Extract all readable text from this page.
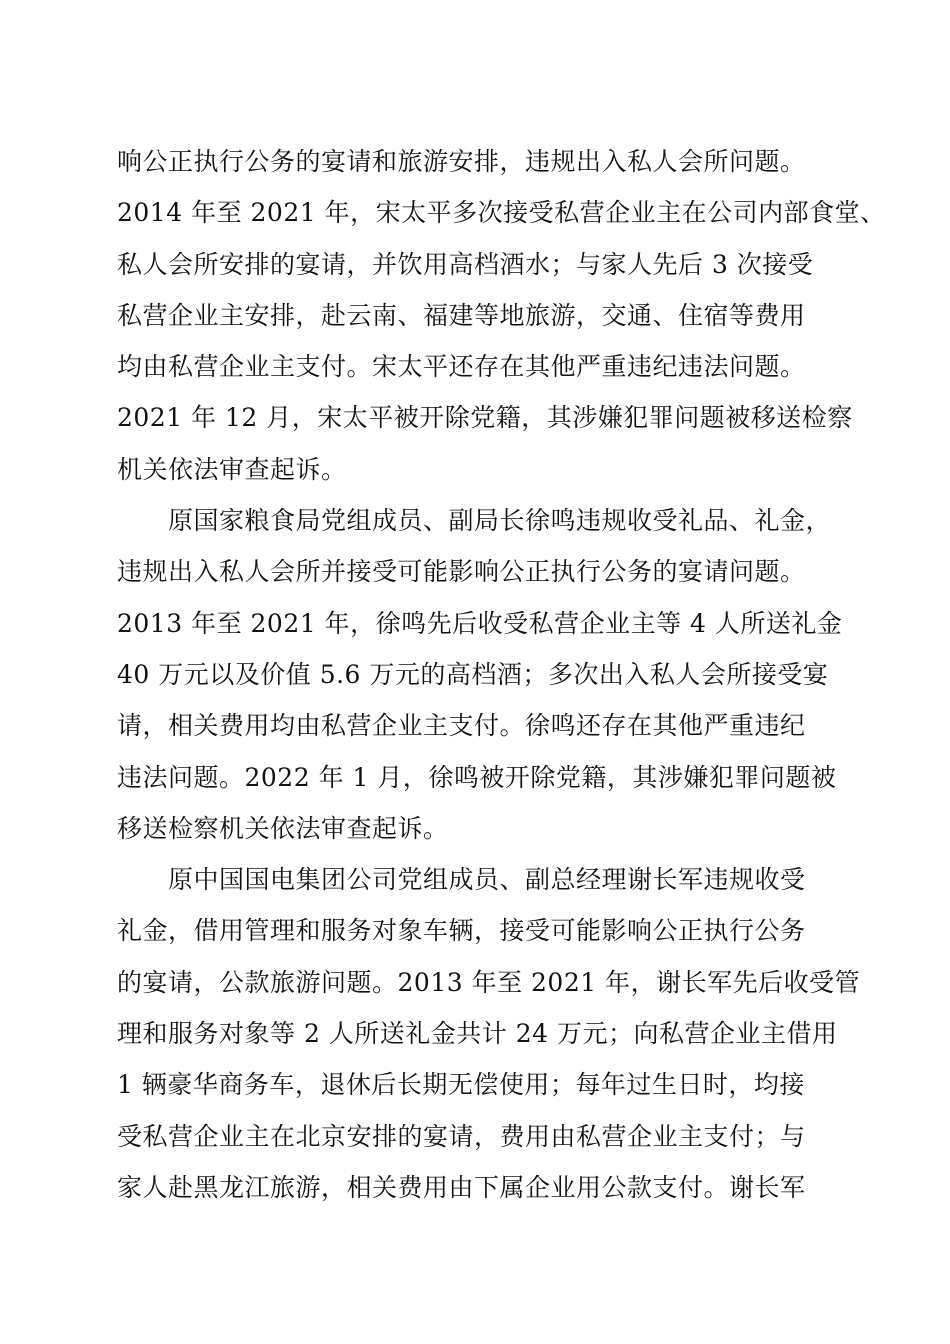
响公正执行公务的宴请和旅游安排，违规出入私人会所问题。
2014 年至 2021 年，宋太平多次接受私营企业主在公司内部食堂、
私人会所安排的宴请，并饮用高档酒水；与家人先后 3 次接受
私营企业主安排，赴云南、福建等地旅游，交通、住宿等费用
均由私营企业主支付。宋太平还存在其他严重违纪违法问题。
2021 年 12 月，宋太平被开除党籍，其涉嫌犯罪问题被移送检察
机关依法审查起诉。
　　原国家粮食局党组成员、副局长徐鸣违规收受礼品、礼金，
违规出入私人会所并接受可能影响公正执行公务的宴请问题。
2013 年至 2021 年，徐鸣先后收受私营企业主等 4 人所送礼金
40 万元以及价值 5.6 万元的高档酒；多次出入私人会所接受宴
请，相关费用均由私营企业主支付。徐鸣还存在其他严重违纪
违法问题。2022 年 1 月，徐鸣被开除党籍，其涉嫌犯罪问题被
移送检察机关依法审查起诉。
　　原中国国电集团公司党组成员、副总经理谢长军违规收受
礼金，借用管理和服务对象车辆，接受可能影响公正执行公务
的宴请，公款旅游问题。2013 年至 2021 年，谢长军先后收受管
理和服务对象等 2 人所送礼金共计 24 万元；向私营企业主借用
1 辆豪华商务车，退休后长期无偿使用；每年过生日时，均接
受私营企业主在北京安排的宴请，费用由私营企业主支付；与
家人赴黑龙江旅游，相关费用由下属企业用公款支付。谢长军
